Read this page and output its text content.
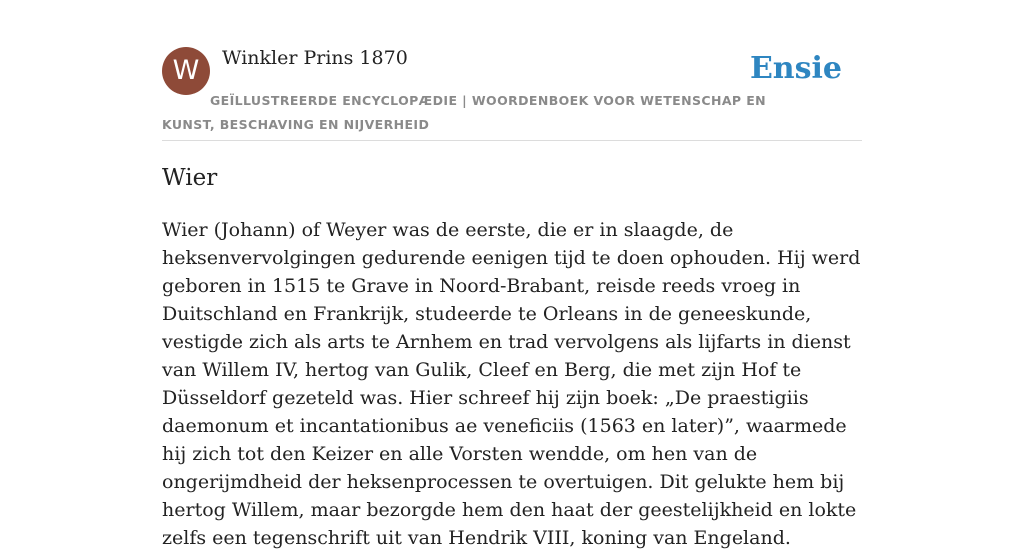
W	Winkler Prins 1870	Ensie
GEÏLLUSTREERDE ENCYCLOPÆDIE | WOORDENBOEK VOOR WETENSCHAP EN KUNST, BESCHAVING EN NIJVERHEID
Wier

Wier (Johann) of Weyer was de eerste, die er in slaagde, de heksenvervolgingen gedurende eenigen tijd te doen ophouden. Hij werd geboren in 1515 te Grave in Noord-Brabant, reisde reeds vroeg in Duitschland en Frankrijk, studeerde te Orleans in de geneeskunde, vestigde zich als arts te Arnhem en trad vervolgens als lijfarts in dienst van Willem IV, hertog van Gulik, Cleef en Berg, die met zijn Hof te Düsseldorf gezeteld was. Hier schreef hij zijn boek: „De praestigiis daemonum et incantationibus ae veneficiis (1563 en later)”, waarmede hij zich tot den Keizer en alle Vorsten wendde, om hen van de ongerijmdheid der heksenprocessen te overtuigen. Dit gelukte hem bij hertog Willem, maar bezorgde hem den haat der geestelijkheid en lokte zelfs een tegenschrift uit van Hendrik VIII, koning van Engeland.
